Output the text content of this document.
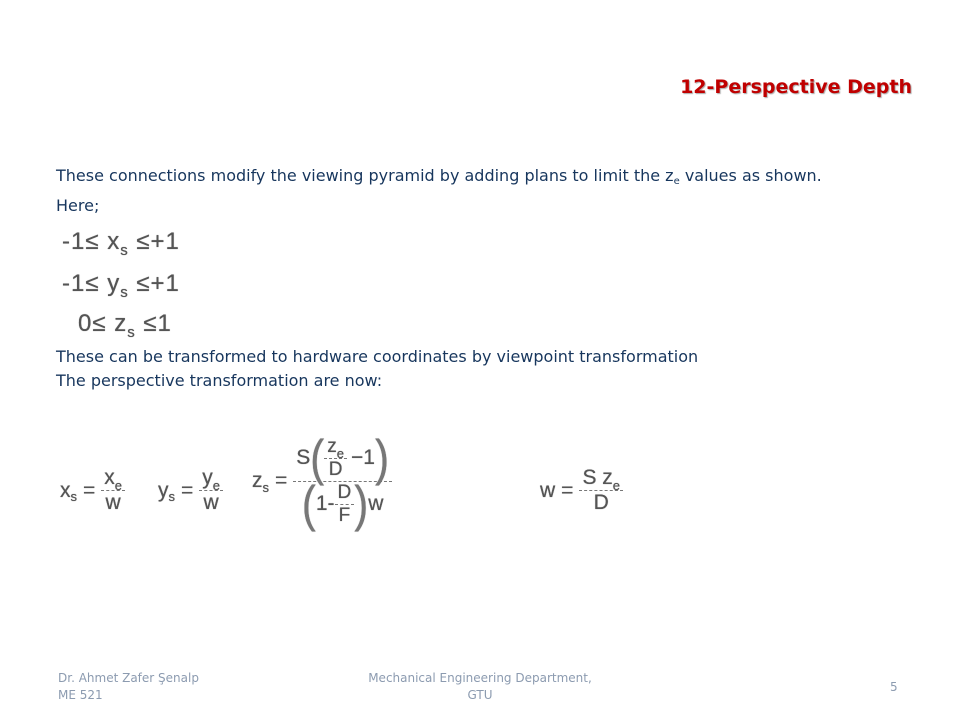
12-Perspective Depth
These connections modify the viewing pyramid by adding plans to limit the $z_e$ values as shown.
Here;
$-1\le x_s \le+1$
$-1\le y_s \le+1$
$0\le z_s \le 1$
These can be transformed to hardware coordinates by viewpoint transformation
The perspective transformation are now:
x $s = \frac{x_e}{w}$ y $s = \frac{y_e}{w}$ z s =
S ( $\frac{z_e}{D} -1$ )
( $1- \frac{D}{F}$ ) w
$w = \frac{S z_e}{D}$
Dr. Ahmet Zafer Şenalp
ME 521
Mechanical Engineering Department,
GTU
5
